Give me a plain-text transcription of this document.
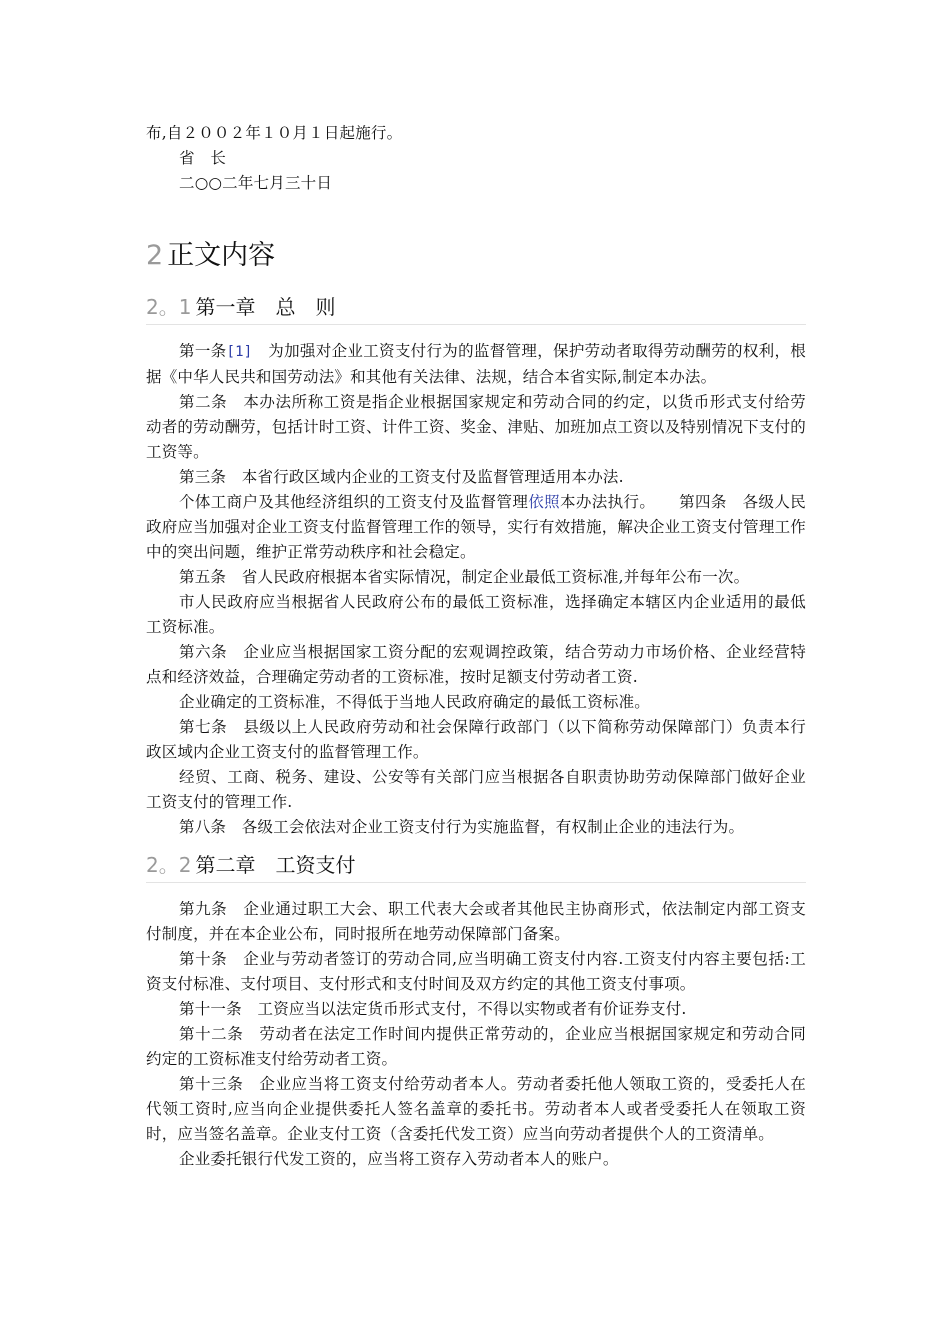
布,自２００２年１０月１日起施行。

省　长

二○○二年七月三十日

2 正文内容
2。1 第一章　总　则

第一条[1]　为加强对企业工资支付行为的监督管理，保护劳动者取得劳动酬劳的权利，根据《中华人民共和国劳动法》和其他有关法律、法规，结合本省实际,制定本办法。

第二条　本办法所称工资是指企业根据国家规定和劳动合同的约定，以货币形式支付给劳动者的劳动酬劳，包括计时工资、计件工资、奖金、津贴、加班加点工资以及特别情况下支付的工资等。

第三条　本省行政区域内企业的工资支付及监督管理适用本办法.

个体工商户及其他经济组织的工资支付及监督管理依照本办法执行。　　第四条　各级人民政府应当加强对企业工资支付监督管理工作的领导，实行有效措施，解决企业工资支付管理工作中的突出问题，维护正常劳动秩序和社会稳定。

第五条　省人民政府根据本省实际情况，制定企业最低工资标准,并每年公布一次。

市人民政府应当根据省人民政府公布的最低工资标准，选择确定本辖区内企业适用的最低工资标准。

第六条　企业应当根据国家工资分配的宏观调控政策，结合劳动力市场价格、企业经营特点和经济效益，合理确定劳动者的工资标准，按时足额支付劳动者工资.

企业确定的工资标准，不得低于当地人民政府确定的最低工资标准。

第七条　县级以上人民政府劳动和社会保障行政部门（以下简称劳动保障部门）负责本行政区域内企业工资支付的监督管理工作。

经贸、工商、税务、建设、公安等有关部门应当根据各自职责协助劳动保障部门做好企业工资支付的管理工作.

第八条　各级工会依法对企业工资支付行为实施监督，有权制止企业的违法行为。

2。2 第二章　工资支付

第九条　企业通过职工大会、职工代表大会或者其他民主协商形式，依法制定内部工资支付制度，并在本企业公布，同时报所在地劳动保障部门备案。

第十条　企业与劳动者签订的劳动合同,应当明确工资支付内容.工资支付内容主要包括:工资支付标准、支付项目、支付形式和支付时间及双方约定的其他工资支付事项。

第十一条　工资应当以法定货币形式支付，不得以实物或者有价证券支付.

第十二条　劳动者在法定工作时间内提供正常劳动的，企业应当根据国家规定和劳动合同约定的工资标准支付给劳动者工资。

第十三条　企业应当将工资支付给劳动者本人。劳动者委托他人领取工资的，受委托人在代领工资时,应当向企业提供委托人签名盖章的委托书。劳动者本人或者受委托人在领取工资时，应当签名盖章。企业支付工资（含委托代发工资）应当向劳动者提供个人的工资清单。

企业委托银行代发工资的，应当将工资存入劳动者本人的账户。
